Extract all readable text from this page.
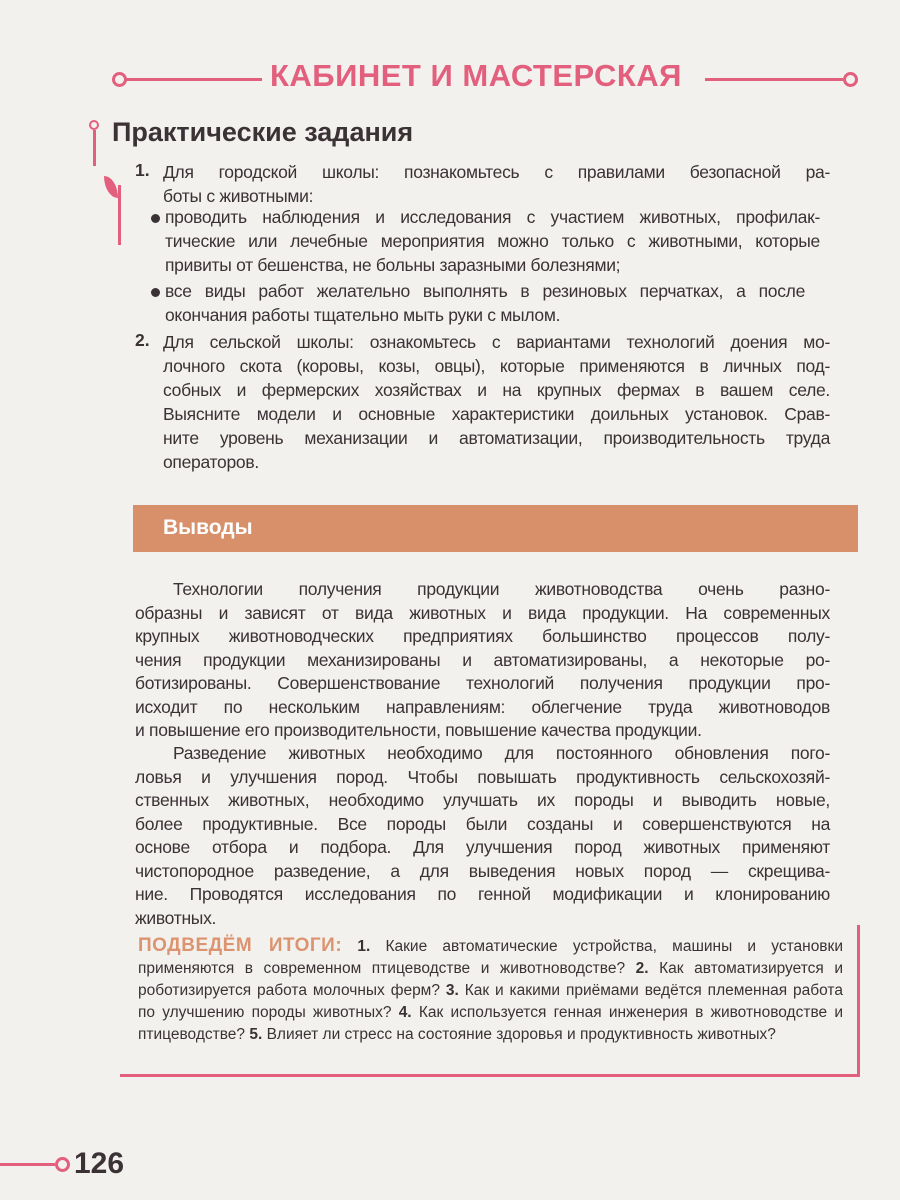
КАБИНЕТ И МАСТЕРСКАЯ
Практические задания
1. Для городской школы: познакомьтесь с правилами безопасной ра-
боты с животными:
проводить наблюдения и исследования с участием животных, профилак-
тические или лечебные мероприятия можно только с животными, которые
привиты от бешенства, не больны заразными болезнями;
все виды работ желательно выполнять в резиновых перчатках, а после
окончания работы тщательно мыть руки с мылом.
2. Для сельской школы: ознакомьтесь с вариантами технологий доения мо-
лочного скота (коровы, козы, овцы), которые применяются в личных под-
собных и фермерских хозяйствах и на крупных фермах в вашем селе.
Выясните модели и основные характеристики доильных установок. Срав-
ните уровень механизации и автоматизации, производительность труда
операторов.
Выводы
Технологии получения продукции животноводства очень разно-
образны и зависят от вида животных и вида продукции. На современных
крупных животноводческих предприятиях большинство процессов полу-
чения продукции механизированы и автоматизированы, а некоторые ро-
ботизированы. Совершенствование технологий получения продукции про-
исходит по нескольким направлениям: облегчение труда животноводов
и повышение его производительности, повышение качества продукции.
Разведение животных необходимо для постоянного обновления пого-
ловья и улучшения пород. Чтобы повышать продуктивность сельскохозяй-
ственных животных, необходимо улучшать их породы и выводить новые,
более продуктивные. Все породы были созданы и совершенствуются на
основе отбора и подбора. Для улучшения пород животных применяют
чистопородное разведение, а для выведения новых пород — скрещива-
ние. Проводятся исследования по генной модификации и клонированию
животных.
ПОДВЕДЁМ ИТОГИ: 1. Какие автоматические устройства, машины и установки применяются в современном птицеводстве и животноводстве? 2. Как автоматизируется и роботизируется работа молочных ферм? 3. Как и какими приёмами ведётся племенная работа по улучшению породы животных? 4. Как используется генная инженерия в животноводстве и птицеводстве? 5. Влияет ли стресс на состояние здоровья и продуктивность животных?
126
